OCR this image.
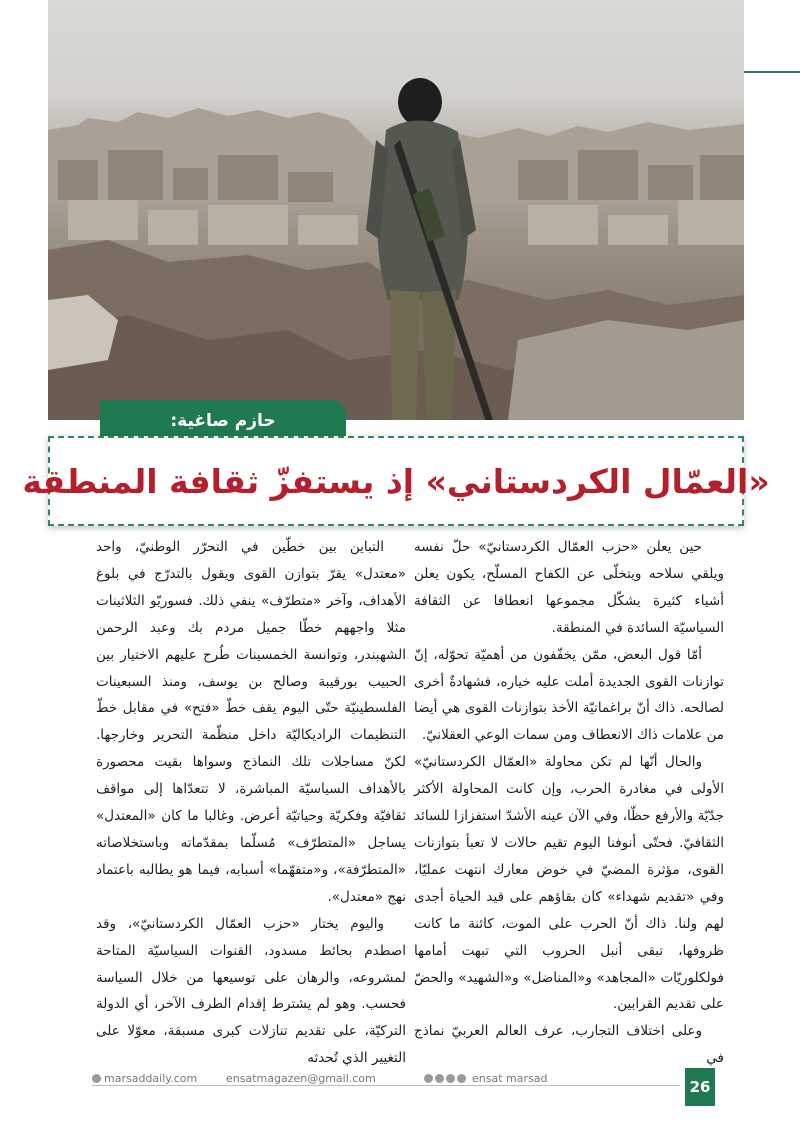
حازم صاغية:
«العمّال الكردستاني» إذ يستفزّ ثقافة المنطقة

حين يعلن «حزب العمّال الكردستانيّ» حلّ نفسه ويلقي سلاحه ويتخلّى عن الكفاح المسلّح، يكون يعلن أشياء كثيرة يشكّل مجموعها انعطافا عن الثقافة السياسيّة السائدة في المنطقة.

أمّا قول البعض، ممّن يخفّفون من أهميّة تحوّله، إنّ توازنات القوى الجديدة أملت عليه خياره، فشهادةٌ أخرى لصالحه. ذاك أنّ براغماتيّة الأخذ بتوازنات القوى هي أيضا من علامات ذاك الانعطاف ومن سمات الوعي العقلانيّ.

والحال أنّها لم تكن محاولة «العمّال الكردستانيّ» الأولى في مغادرة الحرب، وإن كانت المحاولة الأكثر جدّيّة والأرفع حظّا، وفي الآن عينه الأشدّ استفزازا للسائد الثقافيّ. فحتّى أنوفنا اليوم تقيم حالات لا تعبأ بتوازنات القوى، مؤثرة المضيّ في خوض معارك انتهت عمليّا، وفي «تقديم شهداء» كان بقاؤهم على قيد الحياة أجدى لهم ولنا. ذاك أنّ الحرب على الموت، كائنة ما كانت ظروفها، تبقى أنبل الحروب التي تبهت أمامها فولكلوريّات «المجاهد» و«المناضل» و«الشهيد» والحضّ على تقديم القرابين.

وعلى اختلاف التجارب، عرف العالم العربيّ نماذج في

التباين بين خطّين في التحرّر الوطنيّ، واحد «معتدل» يقرّ بتوازن القوى ويقول بالتدرّج في بلوغ الأهداف، وآخر «متطرّف» ينفي ذلك. فسوريّو الثلاثينات مثلا واجههم خطّا جميل مردم بك وعبد الرحمن الشهبندر، وتوانسة الخمسينات طُرح عليهم الاختيار بين الحبيب بورقيبة وصالح بن يوسف، ومنذ السبعينات الفلسطينيّة حتّى اليوم يقف خطّ «فتح» في مقابل خطّ التنظيمات الراديكاليّة داخل منظّمة التحرير وخارجها. لكنّ مساجلات تلك النماذج وسواها بقيت محصورة بالأهداف السياسيّة المباشرة، لا تتعدّاها إلى مواقف ثقافيّة وفكريّة وحياتيّة أعرض. وغالبا ما كان «المعتدل» يساجل «المتطرّف» مُسلّما بمقدّماته وباستخلاصاته «المتطرّفة»، و«متفهّما» أسبابه، فيما هو يطالبه باعتماد نهج «معتدل».

واليوم يختار «حزب العمّال الكردستانيّ»، وقد اصطدم بحائط مسدود، القنوات السياسيّة المتاحة لمشروعه، والرهان على توسيعها من خلال السياسة فحسب. وهو لم يشترط إقدام الطرف الآخر، أي الدولة التركيّة، على تقديم تنازلات كبرى مسبقة، معوّلا على التغيير الذي تُحدثه

marsaddaily.com	ensatmagazen@gmail.com	ensat marsad	26
